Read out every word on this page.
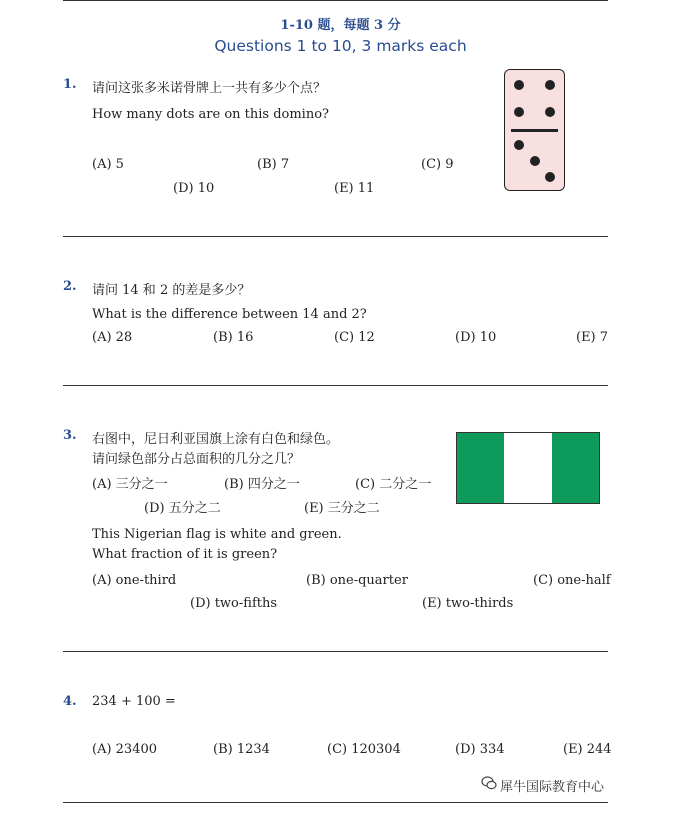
1-10 题，每题 3 分
Questions 1 to 10, 3 marks each
1. 请问这张多米诺骨牌上一共有多少个点？
How many dots are on this domino?
(A) 5	(B) 7	(C) 9
(D) 10	(E) 11
2. 请问 14 和 2 的差是多少？
What is the difference between 14 and 2?
(A) 28	(B) 16	(C) 12	(D) 10	(E) 7
3. 右图中，尼日利亚国旗上涂有白色和绿色。
请问绿色部分占总面积的几分之几？
(A) 三分之一	(B) 四分之一	(C) 二分之一
(D) 五分之二	(E) 三分之二
This Nigerian flag is white and green.
What fraction of it is green?
(A) one-third	(B) one-quarter	(C) one-half
(D) two-fifths	(E) two-thirds
4. 234 + 100 =
(A) 23400	(B) 1234	(C) 120304	(D) 334	(E) 244
犀牛国际教育中心
